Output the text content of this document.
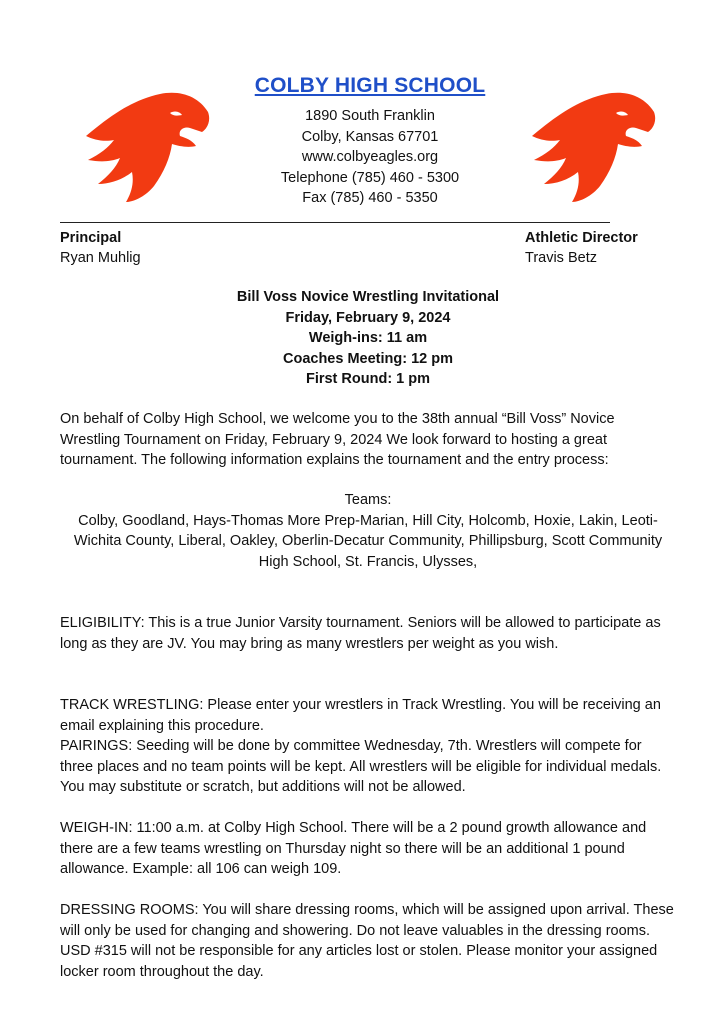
COLBY HIGH SCHOOL
1890 South Franklin
Colby, Kansas 67701
www.colbyeagles.org
Telephone (785) 460 - 5300
Fax (785) 460 - 5350
Principal
Ryan Muhlig
Athletic Director
Travis Betz
Bill Voss Novice Wrestling Invitational
Friday, February 9, 2024
Weigh-ins: 11 am
Coaches Meeting: 12 pm
First Round: 1 pm

On behalf of Colby High School, we welcome you to the 38th annual “Bill Voss” Novice Wrestling Tournament on Friday, February 9, 2024 We look forward to hosting a great tournament. The following information explains the tournament and the entry process:

Teams:

Colby, Goodland, Hays-Thomas More Prep-Marian, Hill City, Holcomb, Hoxie, Lakin, Leoti-Wichita County, Liberal, Oakley, Oberlin-Decatur Community, Phillipsburg, Scott Community High School, St. Francis, Ulysses,

ELIGIBILITY: This is a true Junior Varsity tournament. Seniors will be allowed to participate as long as they are JV. You may bring as many wrestlers per weight as you wish.

TRACK WRESTLING: Please enter your wrestlers in Track Wrestling. You will be receiving an email explaining this procedure.

PAIRINGS: Seeding will be done by committee Wednesday, 7th. Wrestlers will compete for three places and no team points will be kept. All wrestlers will be eligible for individual medals. You may substitute or scratch, but additions will not be allowed.

WEIGH-IN: 11:00 a.m. at Colby High School. There will be a 2 pound growth allowance and there are a few teams wrestling on Thursday night so there will be an additional 1 pound allowance. Example: all 106 can weigh 109.

DRESSING ROOMS: You will share dressing rooms, which will be assigned upon arrival. These will only be used for changing and showering. Do not leave valuables in the dressing rooms. USD #315 will not be responsible for any articles lost or stolen. Please monitor your assigned locker room throughout the day.
